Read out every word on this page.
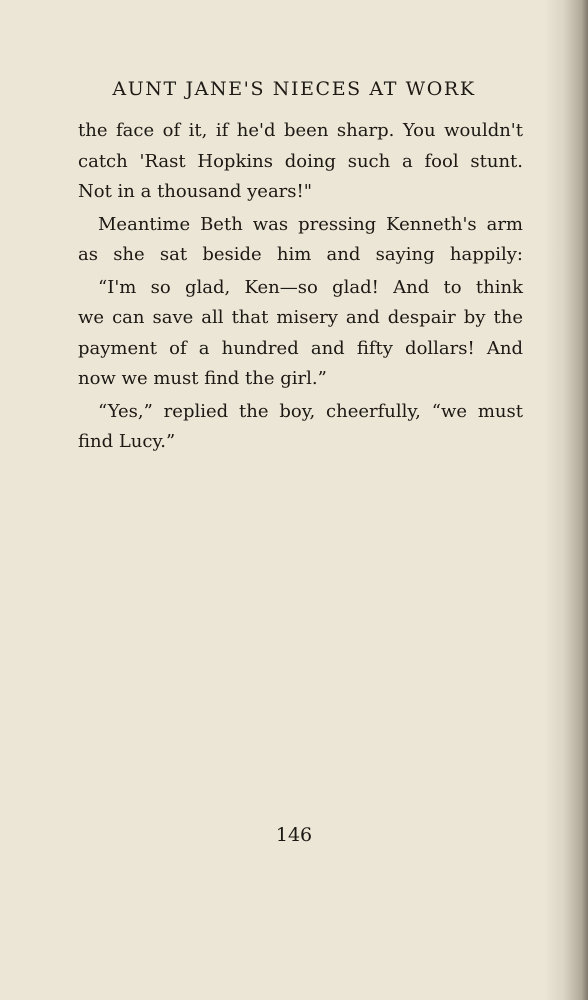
AUNT JANE'S NIECES AT WORK
the face of it, if he'd been sharp. You wouldn't
catch 'Rast Hopkins doing such a fool stunt.
Not in a thousand years!"
Meantime Beth was pressing Kenneth's arm
as she sat beside him and saying happily:
“I'm so glad, Ken—so glad! And to think
we can save all that misery and despair by the
payment of a hundred and fifty dollars! And
now we must find the girl.”
“Yes,” replied the boy, cheerfully, “we must
find Lucy.”
146
